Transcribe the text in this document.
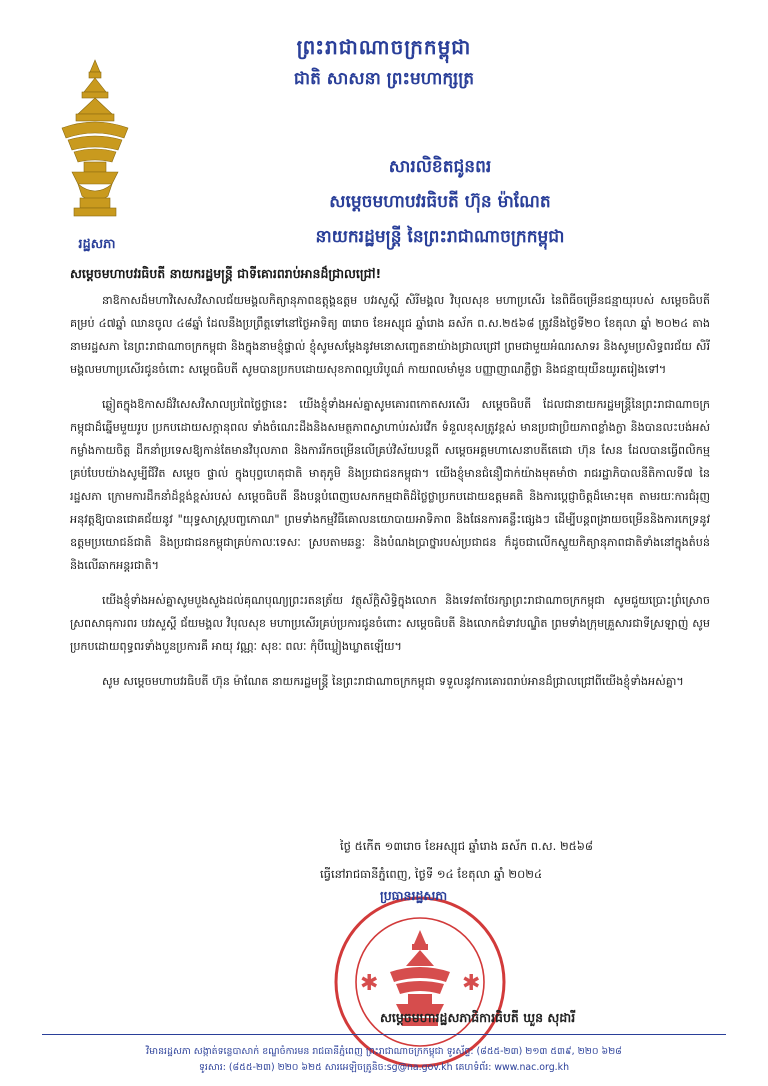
ព្រះរាជាណាចក្រកម្ពុជា
ជាតិ សាសនា ព្រះមហាក្សត្រ
រដ្ឋសភា
សារលិខិតជូនពរ
សម្តេចមហាបវរធិបតី ហ៊ុន ម៉ាណែត
នាយករដ្ឋមន្ត្រី នៃព្រះរាជាណាចក្រកម្ពុជា

សម្តេចមហាបវរធិបតី នាយករដ្ឋមន្ត្រី ជាទីគោរពរាប់អានដ៏ជ្រាលជ្រៅ!

នាឱកាសដ៏មហាវិសេសវិសាលជ័យមង្គលកិត្យានុភាពឧត្តុង្គឧត្តម បវរសួស្តី សិរីមង្គល វិបុលសុខ មហាប្រសើរ នៃពិធីចម្រើនជន្មាយុរបស់ សម្តេចធិបតី គម្រប់ ៤៧ឆ្នាំ ឈានចូល ៤៨ឆ្នាំ ដែលនឹងប្រព្រឹត្តទៅនៅថ្ងៃអាទិត្យ ៣រោច ខែអស្សុជ ឆ្នាំរោង ឆស័ក ព.ស.២៥៦៨ ត្រូវនឹងថ្ងៃទី២០ ខែតុលា ឆ្នាំ ២០២៤ តាងនាមរដ្ឋសភា នៃព្រះរាជាណាចក្រកម្ពុជា និងក្នុងនាមខ្ញុំផ្ទាល់ ខ្ញុំសូមសម្តែងនូវមនោសញ្ចេតនាយ៉ាងជ្រាលជ្រៅ ព្រមជាមួយអំណរសាទរ និងសូមប្រសិទ្ធពរជ័យ សិរីមង្គលមហាប្រសើរជូនចំពោះ សម្តេចធិបតី សូមបានប្រកបដោយសុខភាពល្អបរិបូណ៌ កាយពលមាំមួន បញ្ញាញាណភ្លឺថ្លា និងជន្មាយុយឺនយូរតរៀងទៅ។

ឆ្លៀតក្នុងឱកាសដ៏វិសេសវិសាលប្រពៃថ្លៃថ្លានេះ យើងខ្ញុំទាំងអស់គ្នាសូមគោរពកោតសរសើរ សម្តេចធិបតី ដែលជានាយករដ្ឋមន្ត្រីនៃព្រះរាជាណាចក្រកម្ពុជាដ៏ឆ្នើមមួយរូប ប្រកបដោយសក្តានុពល ទាំងចំណេះដឹងនិងសមត្ថភាពស្វាហាប់រស់រវើក ទំនួលខុសត្រូវខ្ពស់ មានប្រជាប្រិយភាពខ្លាំងក្លា និងបានលះបង់អស់កម្លាំងកាយចិត្ត ដឹកនាំប្រទេសឱ្យកាន់តែមានវិបុលភាព និងការរីកចម្រើនលើគ្រប់វិស័យបន្តពី សម្តេចអគ្គមហាសេនាបតីតេជោ ហ៊ុន សែន ដែលបានធ្វើពលិកម្មគ្រប់បែបយ៉ាងសូម្បីជីវិត សម្តេច ផ្ទាល់ ក្នុងបុព្វហេតុជាតិ មាតុភូមិ និងប្រជាជនកម្ពុជា។ យើងខ្ញុំមានជំនឿជាក់យ៉ាងមុតមាំថា រាជរដ្ឋាភិបាលនីតិកាលទី៧ នៃរដ្ឋសភា ក្រោមការដឹកនាំដ៏ខ្ពង់ខ្ពស់របស់ សម្តេចធិបតី នឹងបន្តបំពេញបេសកកម្មជាតិដ៏ថ្លៃថ្លាប្រកបដោយឧត្តមគតិ និងការប្តេជ្ញាចិត្តដ៏មោះមុត តាមរយៈការជំរុញអនុវត្តឱ្យបានជោគជ័យនូវ "យុទ្ធសាស្ត្របញ្ចកោណ" ព្រមទាំងកម្មវិធីគោលនយោបាយអាទិភាព និងផែនការគន្លឹះផ្សេងៗ ដើម្បីបន្តពង្រាយចម្រើននិងការកេទ្រនូវឧត្តមប្រយោជន៍ជាតិ និងប្រជាជនកម្ពុជាគ្រប់កាលៈទេសៈ ស្របតាមឆន្ទៈ និងបំណងប្រាថ្នារបស់ប្រជាជន ក៏ដូចជាលើកស្ទួយកិត្យានុភាពជាតិទាំងនៅក្នុងតំបន់ និងលើឆាកអន្តរជាតិ។

យើងខ្ញុំទាំងអស់គ្នាសូមបួងសួងដល់គុណបុណ្យព្រះរតនត្រ័យ វត្ថុស័ក្តិសិទ្ធិក្នុងលោក និងទេវតាថែរក្សាព្រះរាជាណាចក្រកម្ពុជា សូមជួយប្រោះព្រំស្រោចស្រពសាធុការពរ បវរសួស្តី ជ័យមង្គល វិបុលសុខ មហាប្រសើរគ្រប់ប្រការជូនចំពោះ សម្តេចធិបតី និងលោកជំទាវបណ្ឌិត ព្រមទាំងក្រុមគ្រួសារជាទីស្រឡាញ់ សូមប្រកបដោយពុទ្ធពរទាំងបួនប្រការគឺ អាយុ វណ្ណៈ សុខៈ ពលៈ កុំបីឃ្លៀងឃ្លាតឡើយ។

សូម សម្តេចមហាបវរធិបតី ហ៊ុន ម៉ាណែត នាយករដ្ឋមន្ត្រី នៃព្រះរាជាណាចក្រកម្ពុជា ទទួលនូវការគោរពរាប់អានដ៏ជ្រាលជ្រៅពីយើងខ្ញុំទាំងអស់គ្នា។

ថ្ងៃ ៥កើត ១៣រោច ខែអស្សុជ ឆ្នាំរោង ឆស័ក ព.ស. ២៥៦៨
ធ្វើនៅរាជធានីភ្នំពេញ, ថ្ងៃទី ១៤ ខែតុលា ឆ្នាំ ២០២៤
✱	✱
ប្រធានរដ្ឋសភា
សម្តេចមហារដ្ឋសភាធិការធិបតី ឃួន សុដារី
វិមានរដ្ឋសភា សង្កាត់ទន្លេបាសាក់ ខណ្ឌចំការមន រាជធានីភ្នំពេញ ព្រះរាជាណាចក្រកម្ពុជា ទូរស័ព្ទ: (៨៥៥-២៣) ២១៣ ៥៣៩, ២២០ ៦២៨
ទូរសារ: (៨៥៥-២៣) ២២០ ៦២៥ សារអេឡិចត្រូនិច:sg@na.gov.kh គេហទំព័រ: www.nac.org.kh
